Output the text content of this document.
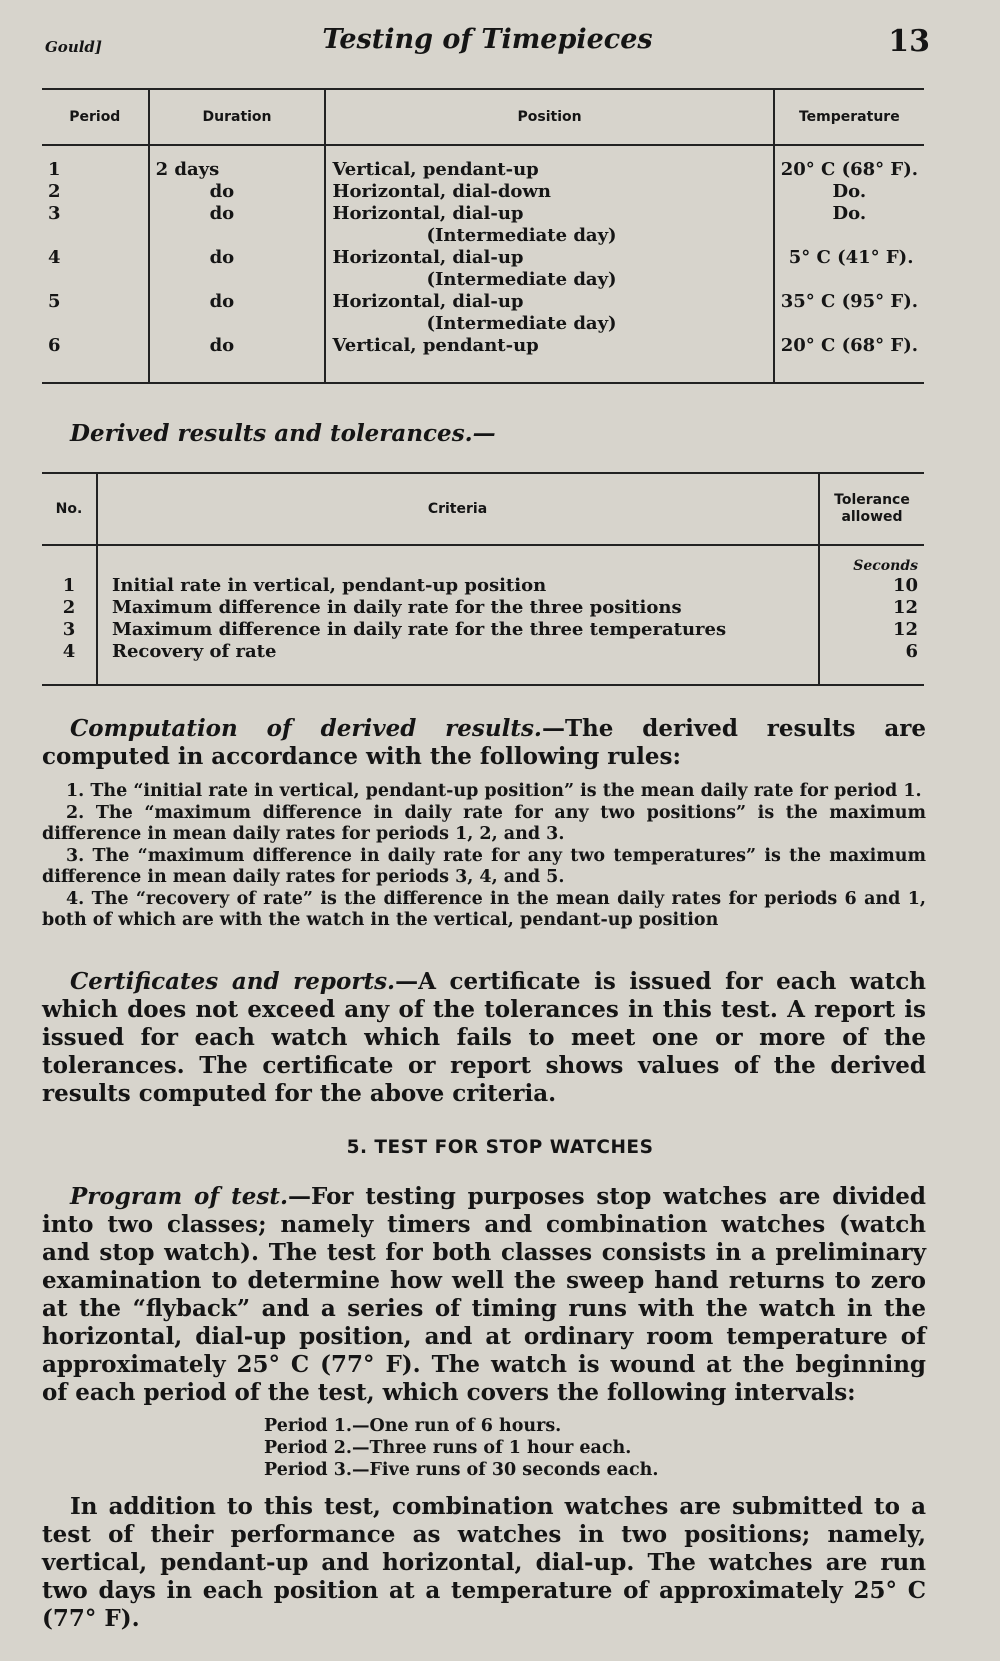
Gould]	Testing of Timepieces	13
Period	Duration	Position	Temperature

1	2 days	Vertical, pendant-up	20° C (68° F).
2	do	Horizontal, dial-down	Do.
3	do	Horizontal, dial-up	Do.
		(Intermediate day)	
4	do	Horizontal, dial-up	5° C (41° F).
		(Intermediate day)	
5	do	Horizontal, dial-up	35° C (95° F).
		(Intermediate day)	
6	do	Vertical, pendant-up	20° C (68° F).

Derived results and tolerances.—
No.	Criteria	Tolerance allowed
		Seconds
1	Initial rate in vertical, pendant-up position	10
2	Maximum difference in daily rate for the three positions	12
3	Maximum difference in daily rate for the three temperatures	12
4	Recovery of rate	6

Computation of derived results.—The derived results are computed in accordance with the following rules:

1. The “initial rate in vertical, pendant-up position” is the mean daily rate for period 1.

2. The “maximum difference in daily rate for any two positions” is the maximum difference in mean daily rates for periods 1, 2, and 3.

3. The “maximum difference in daily rate for any two temperatures” is the maximum difference in mean daily rates for periods 3, 4, and 5.

4. The “recovery of rate” is the difference in the mean daily rates for periods 6 and 1, both of which are with the watch in the vertical, pendant-up position

Certificates and reports.—A certificate is issued for each watch which does not exceed any of the tolerances in this test. A report is issued for each watch which fails to meet one or more of the tolerances. The certificate or report shows values of the derived results computed for the above criteria.
5. TEST FOR STOP WATCHES
Program of test.—For testing purposes stop watches are divided into two classes; namely timers and combination watches (watch and stop watch). The test for both classes consists in a preliminary examination to determine how well the sweep hand returns to zero at the “flyback” and a series of timing runs with the watch in the horizontal, dial-up position, and at ordinary room temperature of approximately 25° C (77° F). The watch is wound at the beginning of each period of the test, which covers the following intervals:
Period 1.—One run of 6 hours.
Period 2.—Three runs of 1 hour each.
Period 3.—Five runs of 30 seconds each.
In addition to this test, combination watches are submitted to a test of their performance as watches in two positions; namely, vertical, pendant-up and horizontal, dial-up. The watches are run two days in each position at a temperature of approximately 25° C (77° F).
